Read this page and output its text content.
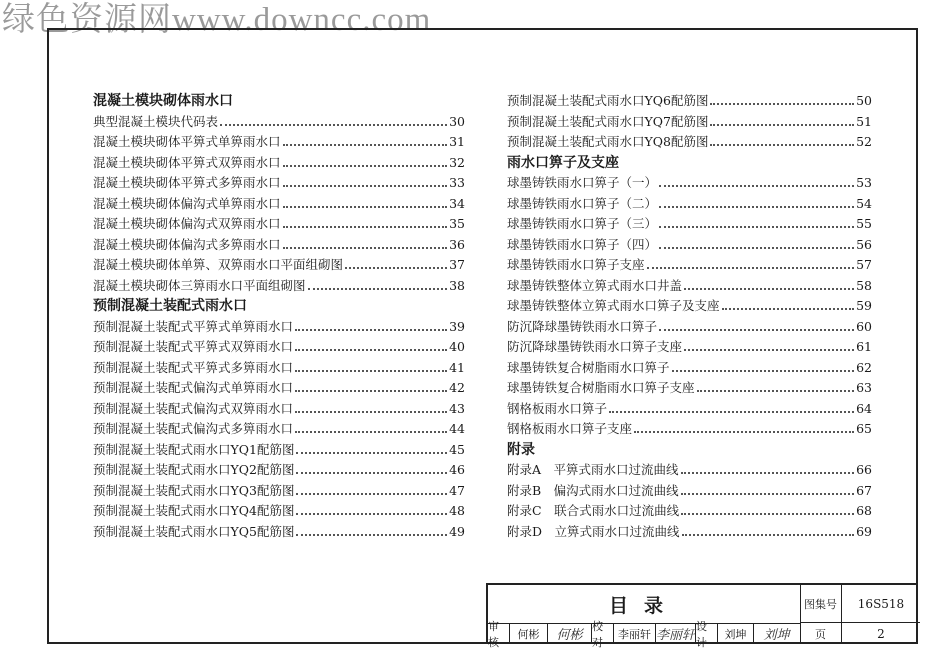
绿色资源网www.downcc.com
混凝土模块砌体雨水口
典型混凝土模块代码表	30
混凝土模块砌体平箅式单箅雨水口	31
混凝土模块砌体平箅式双箅雨水口	32
混凝土模块砌体平箅式多箅雨水口	33
混凝土模块砌体偏沟式单箅雨水口	34
混凝土模块砌体偏沟式双箅雨水口	35
混凝土模块砌体偏沟式多箅雨水口	36
混凝土模块砌体单箅、双箅雨水口平面组砌图	37
混凝土模块砌体三箅雨水口平面组砌图	38
预制混凝土装配式雨水口
预制混凝土装配式平箅式单箅雨水口	39
预制混凝土装配式平箅式双箅雨水口	40
预制混凝土装配式平箅式多箅雨水口	41
预制混凝土装配式偏沟式单箅雨水口	42
预制混凝土装配式偏沟式双箅雨水口	43
预制混凝土装配式偏沟式多箅雨水口	44
预制混凝土装配式雨水口YQ1配筋图	45
预制混凝土装配式雨水口YQ2配筋图	46
预制混凝土装配式雨水口YQ3配筋图	47
预制混凝土装配式雨水口YQ4配筋图	48
预制混凝土装配式雨水口YQ5配筋图	49
预制混凝土装配式雨水口YQ6配筋图	50
预制混凝土装配式雨水口YQ7配筋图	51
预制混凝土装配式雨水口YQ8配筋图	52
雨水口箅子及支座
球墨铸铁雨水口箅子（一）	53
球墨铸铁雨水口箅子（二）	54
球墨铸铁雨水口箅子（三）	55
球墨铸铁雨水口箅子（四）	56
球墨铸铁雨水口箅子支座	57
球墨铸铁整体立箅式雨水口井盖	58
球墨铸铁整体立箅式雨水口箅子及支座	59
防沉降球墨铸铁雨水口箅子	60
防沉降球墨铸铁雨水口箅子支座	61
球墨铸铁复合树脂雨水口箅子	62
球墨铸铁复合树脂雨水口箅子支座	63
钢格板雨水口箅子	64
钢格板雨水口箅子支座	65
附录
附录A　平箅式雨水口过流曲线	66
附录B　偏沟式雨水口过流曲线	67
附录C　联合式雨水口过流曲线	68
附录D　立箅式雨水口过流曲线	69
目录	图集号	16S518
审核
何彬	何彬
校对
李丽轩 李丽轩
设计
刘坤	刘坤	页	2
